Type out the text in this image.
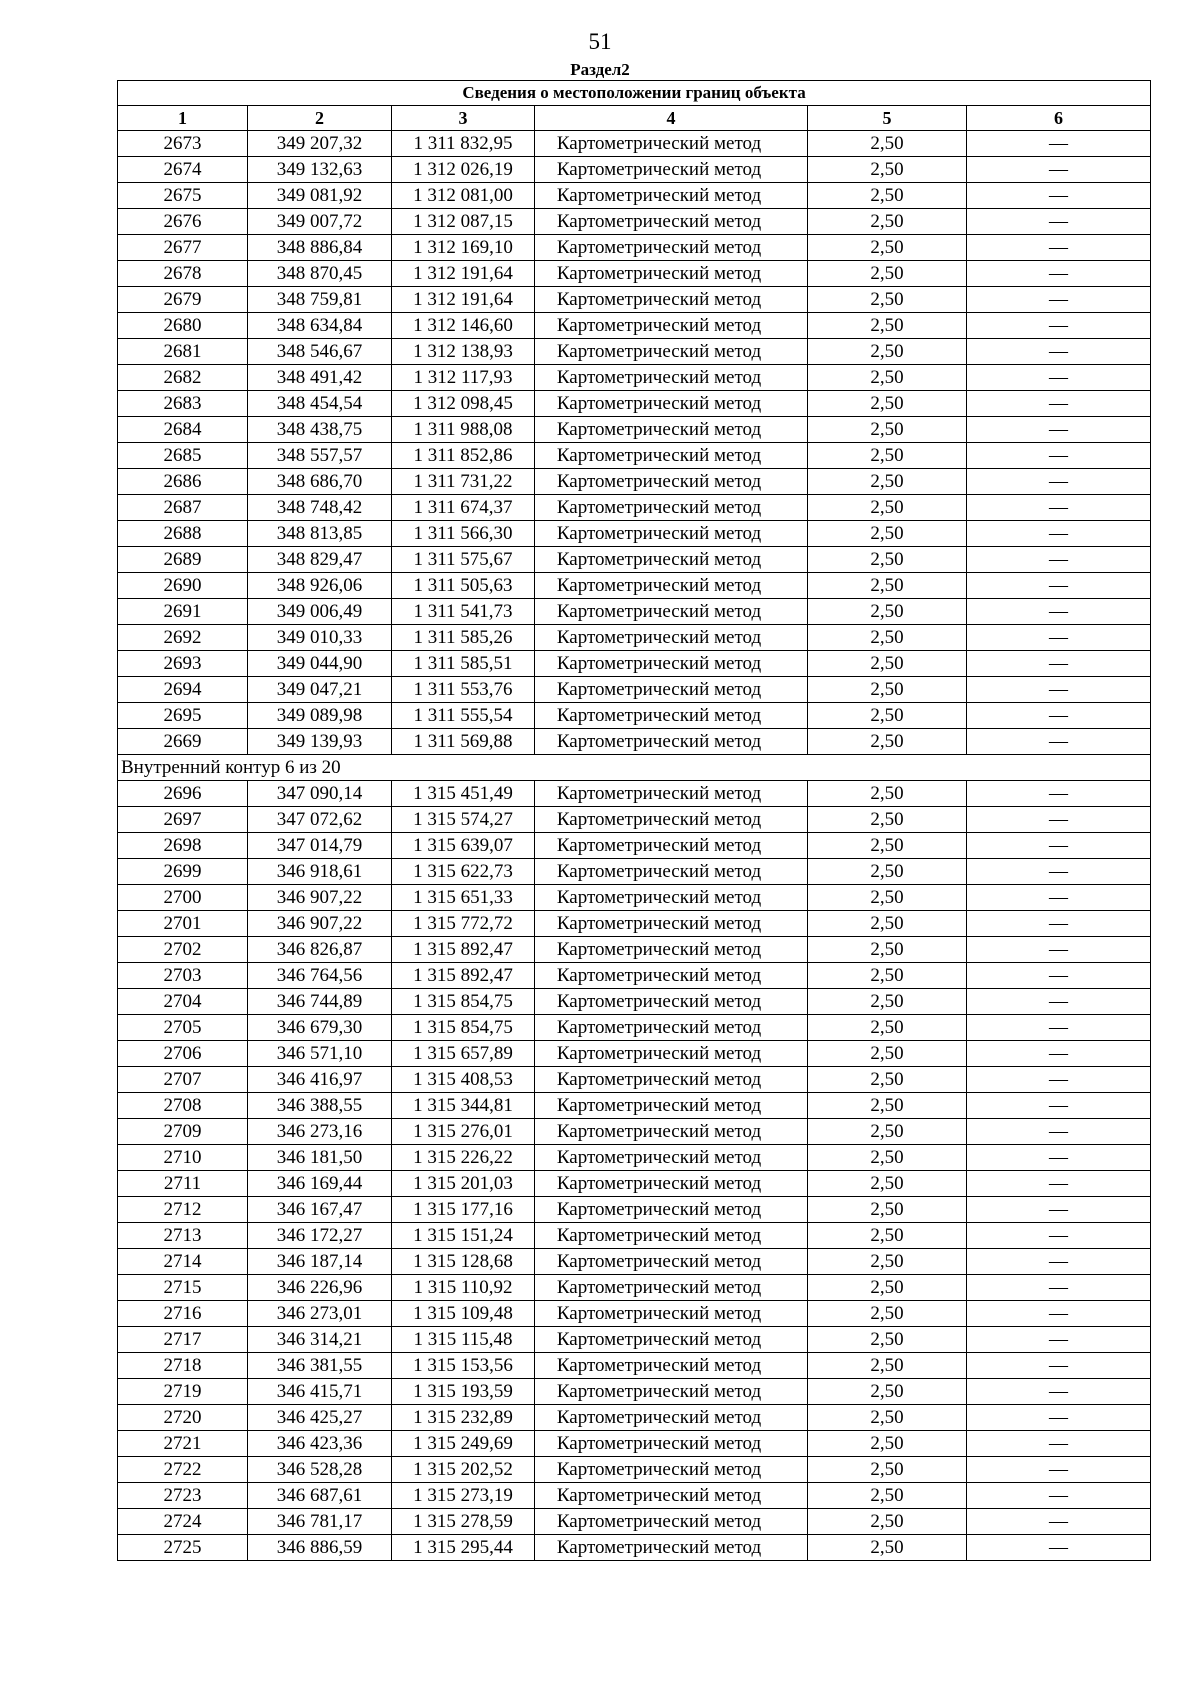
51
Раздел2
Сведения о местоположении границ объекта					
1	2	3	4	5	6
2673	349 207,32	1 311 832,95	Картометрический метод	2,50	—
2674	349 132,63	1 312 026,19	Картометрический метод	2,50	—
2675	349 081,92	1 312 081,00	Картометрический метод	2,50	—
2676	349 007,72	1 312 087,15	Картометрический метод	2,50	—
2677	348 886,84	1 312 169,10	Картометрический метод	2,50	—
2678	348 870,45	1 312 191,64	Картометрический метод	2,50	—
2679	348 759,81	1 312 191,64	Картометрический метод	2,50	—
2680	348 634,84	1 312 146,60	Картометрический метод	2,50	—
2681	348 546,67	1 312 138,93	Картометрический метод	2,50	—
2682	348 491,42	1 312 117,93	Картометрический метод	2,50	—
2683	348 454,54	1 312 098,45	Картометрический метод	2,50	—
2684	348 438,75	1 311 988,08	Картометрический метод	2,50	—
2685	348 557,57	1 311 852,86	Картометрический метод	2,50	—
2686	348 686,70	1 311 731,22	Картометрический метод	2,50	—
2687	348 748,42	1 311 674,37	Картометрический метод	2,50	—
2688	348 813,85	1 311 566,30	Картометрический метод	2,50	—
2689	348 829,47	1 311 575,67	Картометрический метод	2,50	—
2690	348 926,06	1 311 505,63	Картометрический метод	2,50	—
2691	349 006,49	1 311 541,73	Картометрический метод	2,50	—
2692	349 010,33	1 311 585,26	Картометрический метод	2,50	—
2693	349 044,90	1 311 585,51	Картометрический метод	2,50	—
2694	349 047,21	1 311 553,76	Картометрический метод	2,50	—
2695	349 089,98	1 311 555,54	Картометрический метод	2,50	—
2669	349 139,93	1 311 569,88	Картометрический метод	2,50	—
Внутренний контур 6 из 20					
2696	347 090,14	1 315 451,49	Картометрический метод	2,50	—
2697	347 072,62	1 315 574,27	Картометрический метод	2,50	—
2698	347 014,79	1 315 639,07	Картометрический метод	2,50	—
2699	346 918,61	1 315 622,73	Картометрический метод	2,50	—
2700	346 907,22	1 315 651,33	Картометрический метод	2,50	—
2701	346 907,22	1 315 772,72	Картометрический метод	2,50	—
2702	346 826,87	1 315 892,47	Картометрический метод	2,50	—
2703	346 764,56	1 315 892,47	Картометрический метод	2,50	—
2704	346 744,89	1 315 854,75	Картометрический метод	2,50	—
2705	346 679,30	1 315 854,75	Картометрический метод	2,50	—
2706	346 571,10	1 315 657,89	Картометрический метод	2,50	—
2707	346 416,97	1 315 408,53	Картометрический метод	2,50	—
2708	346 388,55	1 315 344,81	Картометрический метод	2,50	—
2709	346 273,16	1 315 276,01	Картометрический метод	2,50	—
2710	346 181,50	1 315 226,22	Картометрический метод	2,50	—
2711	346 169,44	1 315 201,03	Картометрический метод	2,50	—
2712	346 167,47	1 315 177,16	Картометрический метод	2,50	—
2713	346 172,27	1 315 151,24	Картометрический метод	2,50	—
2714	346 187,14	1 315 128,68	Картометрический метод	2,50	—
2715	346 226,96	1 315 110,92	Картометрический метод	2,50	—
2716	346 273,01	1 315 109,48	Картометрический метод	2,50	—
2717	346 314,21	1 315 115,48	Картометрический метод	2,50	—
2718	346 381,55	1 315 153,56	Картометрический метод	2,50	—
2719	346 415,71	1 315 193,59	Картометрический метод	2,50	—
2720	346 425,27	1 315 232,89	Картометрический метод	2,50	—
2721	346 423,36	1 315 249,69	Картометрический метод	2,50	—
2722	346 528,28	1 315 202,52	Картометрический метод	2,50	—
2723	346 687,61	1 315 273,19	Картометрический метод	2,50	—
2724	346 781,17	1 315 278,59	Картометрический метод	2,50	—
2725	346 886,59	1 315 295,44	Картометрический метод	2,50	—
